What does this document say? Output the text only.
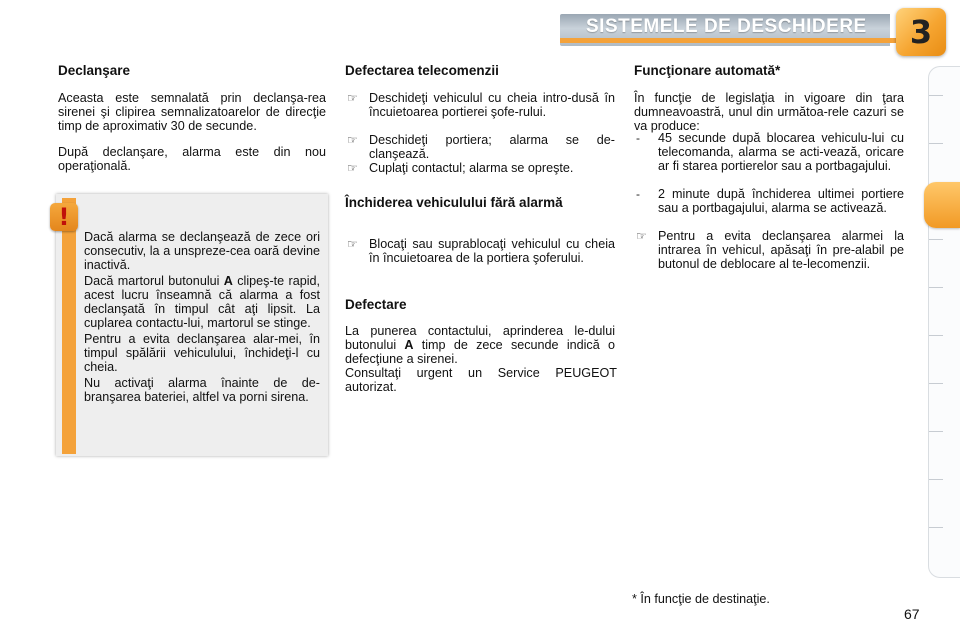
SISTEMELE DE DESCHIDERE	3
Declanşare
Aceasta este semnalată prin declanşa-rea sirenei şi clipirea semnalizatoarelor de direcţie timp de aproximativ 30 de secunde.
După declanşare, alarma este din nou operaţională.
!

Dacă alarma se declanşează de zece ori consecutiv, la a unspreze-cea oară devine inactivă.

Dacă martorul butonului A clipeş-te rapid, acest lucru înseamnă că alarma a fost declanşată în timpul cât aţi lipsit. La cuplarea contactu-lui, martorul se stinge.

Pentru a evita declanşarea alar-mei, în timpul spălării vehiculului, închideţi-l cu cheia.

Nu activaţi alarma înainte de de-branşarea bateriei, altfel va porni sirena.

Defectarea telecomenzii
☞ Deschideţi vehiculul cu cheia intro-dusă în încuietoarea portierei şofe-rului.
☞ Deschideţi portiera; alarma se de-clanşează.
☞ Cuplaţi contactul; alarma se opreşte.
Închiderea vehiculului fără alarmă
☞ Blocaţi sau suprablocaţi vehiculul cu cheia în încuietoarea de la portiera şoferului.
Defectare
La punerea contactului, aprinderea le-dului butonului A timp de zece secunde indică o defecţiune a sirenei.
Consultaţi urgent un Service PEUGEOT autorizat.
Funcţionare automată*
În funcţie de legislaţia in vigoare din ţara dumneavoastră, unul din următoa-rele cazuri se va produce:
- 45 secunde după blocarea vehiculu-lui cu telecomanda, alarma se acti-vează, oricare ar fi starea portierelor sau a portbagajului.
- 2 minute după închiderea ultimei portiere sau a portbagajului, alarma se activează.
☞ Pentru a evita declanşarea alarmei la intrarea în vehicul, apăsaţi în pre-alabil pe butonul de deblocare al te-lecomenzii.
* În funcţie de destinaţie.
67
